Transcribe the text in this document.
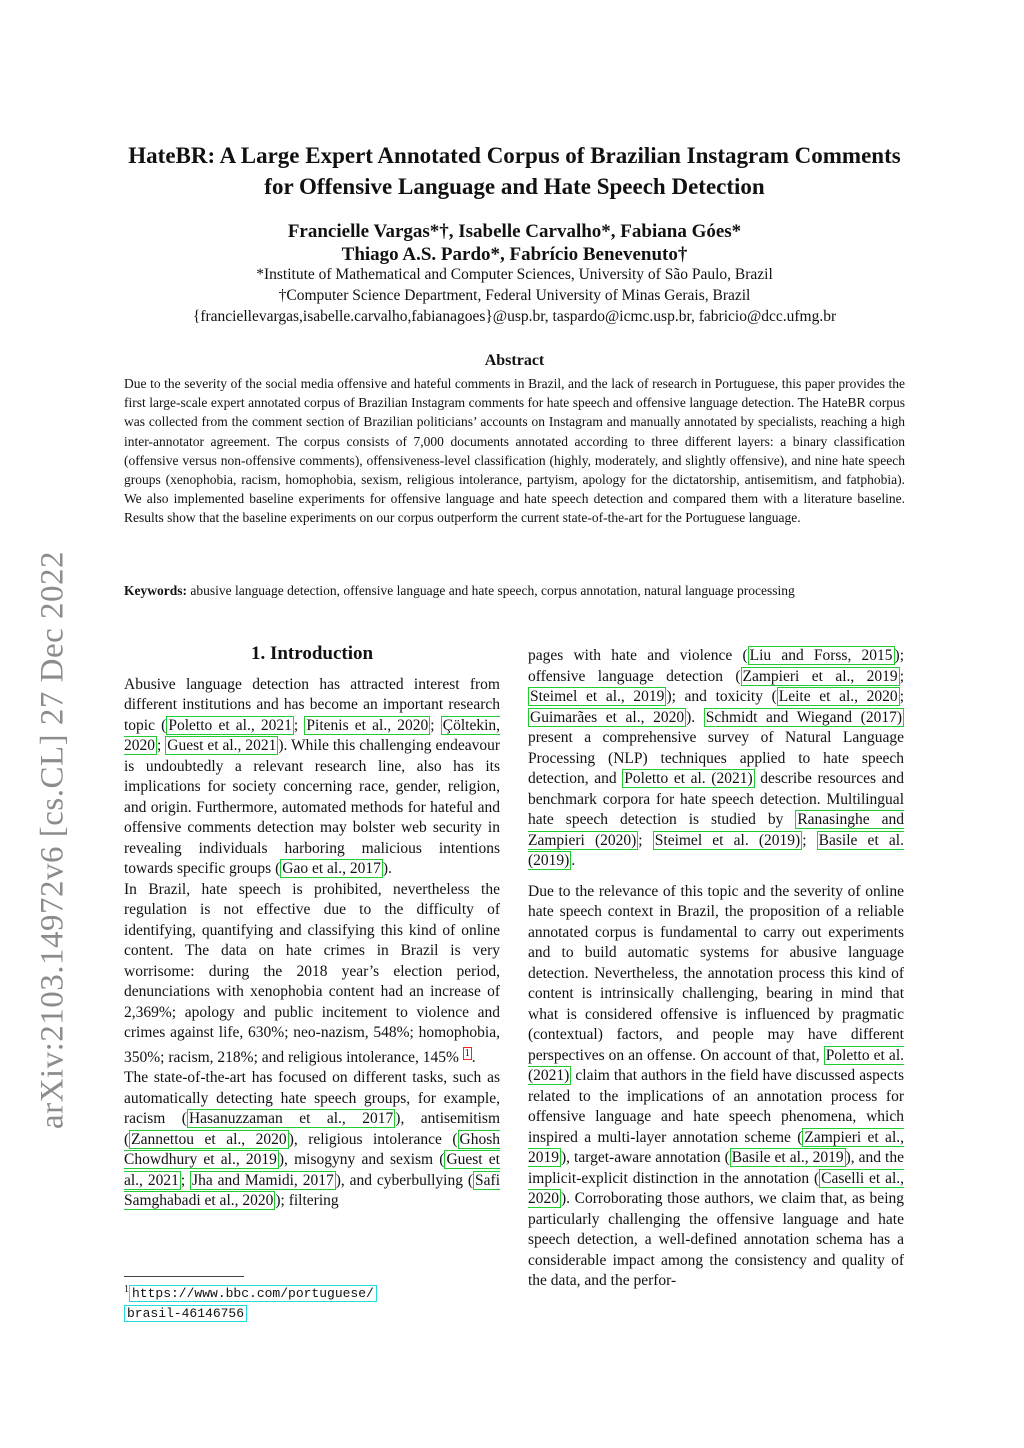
arXiv:2103.14972v6 [cs.CL] 27 Dec 2022
HateBR: A Large Expert Annotated Corpus of Brazilian Instagram Comments for Offensive Language and Hate Speech Detection
Francielle Vargas*†, Isabelle Carvalho*, Fabiana Góes*
Thiago A.S. Pardo*, Fabrício Benevenuto†
*Institute of Mathematical and Computer Sciences, University of São Paulo, Brazil
†Computer Science Department, Federal University of Minas Gerais, Brazil
{franciellevargas,isabelle.carvalho,fabianagoes}@usp.br, taspardo@icmc.usp.br, fabricio@dcc.ufmg.br
Abstract
Due to the severity of the social media offensive and hateful comments in Brazil, and the lack of research in Portuguese, this paper provides the first large-scale expert annotated corpus of Brazilian Instagram comments for hate speech and offensive language detection. The HateBR corpus was collected from the comment section of Brazilian politicians’ accounts on Instagram and manually annotated by specialists, reaching a high inter-annotator agreement. The corpus consists of 7,000 documents annotated according to three different layers: a binary classification (offensive versus non-offensive comments), offensiveness-level classification (highly, moderately, and slightly offensive), and nine hate speech groups (xenophobia, racism, homophobia, sexism, religious intolerance, partyism, apology for the dictatorship, antisemitism, and fatphobia). We also implemented baseline experiments for offensive language and hate speech detection and compared them with a literature baseline. Results show that the baseline experiments on our corpus outperform the current state-of-the-art for the Portuguese language.
Keywords: abusive language detection, offensive language and hate speech, corpus annotation, natural language processing
1. Introduction

Abusive language detection has attracted interest from different institutions and has become an important research topic ( Poletto et al., 2021 ; Pitenis et al., 2020 ; Çöltekin, 2020 ; Guest et al., 2021 ). While this challenging endeavour is undoubtedly a relevant research line, also has its implications for society concerning race, gender, religion, and origin. Furthermore, automated methods for hateful and offensive comments detection may bolster web security in revealing individuals harboring malicious intentions towards specific groups ( Gao et al., 2017 ).

In Brazil, hate speech is prohibited, nevertheless the regulation is not effective due to the difficulty of identifying, quantifying and classifying this kind of online content. The data on hate crimes in Brazil is very worrisome: during the 2018 year’s election period, denunciations with xenophobia content had an increase of 2,369%; apology and public incitement to violence and crimes against life, 630%; neo-nazism, 548%; homophobia, 350%; racism, 218%; and religious intolerance, 145% $^1$ .

The state-of-the-art has focused on different tasks, such as automatically detecting hate speech groups, for example, racism ( Hasanuzzaman et al., 2017 ), antisemitism ( Zannettou et al., 2020 ), religious intolerance ( Ghosh Chowdhury et al., 2019 ), misogyny and sexism ( Guest et al., 2021 ; Jha and Mamidi, 2017 ), and cyberbullying ( Safi Samghabadi et al., 2020 ); filtering

$^1$ https://www.bbc.com/portuguese/
brasil-46146756

pages with hate and violence ( Liu and Forss, 2015 ); offensive language detection ( Zampieri et al., 2019 ; Steimel et al., 2019 ); and toxicity ( Leite et al., 2020 ; Guimarães et al., 2020 ). Schmidt and Wiegand (2017) present a comprehensive survey of Natural Language Processing (NLP) techniques applied to hate speech detection, and Poletto et al. (2021) describe resources and benchmark corpora for hate speech detection. Multilingual hate speech detection is studied by Ranasinghe and Zampieri (2020) ; Steimel et al. (2019) ; Basile et al. (2019) .

Due to the relevance of this topic and the severity of online hate speech context in Brazil, the proposition of a reliable annotated corpus is fundamental to carry out experiments and to build automatic systems for abusive language detection. Nevertheless, the annotation process this kind of content is intrinsically challenging, bearing in mind that what is considered offensive is influenced by pragmatic (contextual) factors, and people may have different perspectives on an offense. On account of that, Poletto et al. (2021) claim that authors in the field have discussed aspects related to the implications of an annotation process for offensive language and hate speech phenomena, which inspired a multi-layer annotation scheme ( Zampieri et al., 2019 ), target-aware annotation ( Basile et al., 2019 ), and the implicit-explicit distinction in the annotation ( Caselli et al., 2020 ). Corroborating those authors, we claim that, as being particularly challenging the offensive language and hate speech detection, a well-defined annotation schema has a considerable impact among the consistency and quality of the data, and the perfor-
